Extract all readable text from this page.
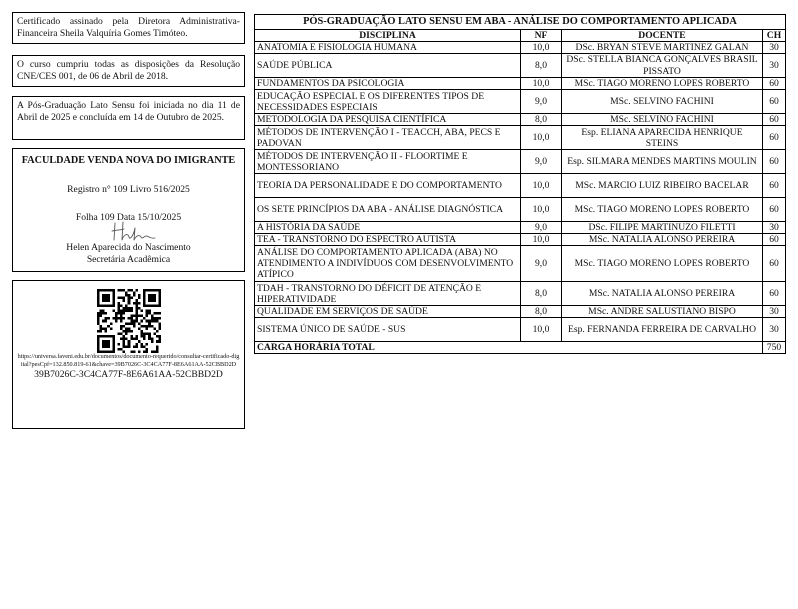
Certificado assinado pela Diretora Administrativa-Financeira Sheila Valquíria Gomes Timóteo.

O curso cumpriu todas as disposições da Resolução CNE/CES 001, de 06 de Abril de 2018.

A Pós-Graduação Lato Sensu foi iniciada no dia 11 de Abril de 2025 e concluída em 14 de Outubro de 2025.

FACULDADE VENDA NOVA DO IMIGRANTE

Registro n° 109 Livro 516/2025

Folha 109 Data 15/10/2025

Helen Aparecida do Nascimento

Secretária Acadêmica

https://universa.faveni.edu.br/documentos/documento-requerido/consultar-certificado-digital?pesCpf=132.850.819-61&chave=39B7026C-3C4CA77F-8E6A61AA-52CBBD2D

39B7026C-3C4CA77F-8E6A61AA-52CBBD2D

PÓS-GRADUAÇÃO LATO SENSU EM ABA - ANÁLISE DO COMPORTAMENTO APLICADA			
DISCIPLINA	NF	DOCENTE	CH
ANATOMIA E FISIOLOGIA HUMANA	10,0	DSc. BRYAN STEVE MARTINEZ GALAN	30
SAÚDE PÚBLICA	8,0	DSc. STELLA BIANCA GONÇALVES BRASIL PISSATO	30
FUNDAMENTOS DA PSICOLOGIA	10,0	MSc. TIAGO MORENO LOPES ROBERTO	60
EDUCAÇÃO ESPECIAL E OS DIFERENTES TIPOS DE NECESSIDADES ESPECIAIS	9,0	MSc. SELVINO FACHINI	60
METODOLOGIA DA PESQUISA CIENTÍFICA	8,0	MSc. SELVINO FACHINI	60
MÉTODOS DE INTERVENÇÃO I - TEACCH, ABA, PECS E PADOVAN	10,0	Esp. ELIANA APARECIDA HENRIQUE STEINS	60
MÉTODOS DE INTERVENÇÃO II - FLOORTIME E MONTESSORIANO	9,0	Esp. SILMARA MENDES MARTINS MOULIN	60
TEORIA DA PERSONALIDADE E DO COMPORTAMENTO	10,0	MSc. MARCIO LUIZ RIBEIRO BACELAR	60
OS SETE PRINCÍPIOS DA ABA - ANÁLISE DIAGNÓSTICA	10,0	MSc. TIAGO MORENO LOPES ROBERTO	60
A HISTÓRIA DA SAÚDE	9,0	DSc. FILIPE MARTINUZO FILETTI	30
TEA - TRANSTORNO DO ESPECTRO AUTISTA	10,0	MSc. NATALIA ALONSO PEREIRA	60
ANÁLISE DO COMPORTAMENTO APLICADA (ABA) NO ATENDIMENTO A INDIVÍDUOS COM DESENVOLVIMENTO ATÍPICO	9,0	MSc. TIAGO MORENO LOPES ROBERTO	60
TDAH - TRANSTORNO DO DÉFICIT DE ATENÇÃO E HIPERATIVIDADE	8,0	MSc. NATALIA ALONSO PEREIRA	60
QUALIDADE EM SERVIÇOS DE SAÚDE	8,0	MSc. ANDRE SALUSTIANO BISPO	30
SISTEMA ÚNICO DE SAÚDE - SUS	10,0	Esp. FERNANDA FERREIRA DE CARVALHO	30
CARGA HORÁRIA TOTAL			750
